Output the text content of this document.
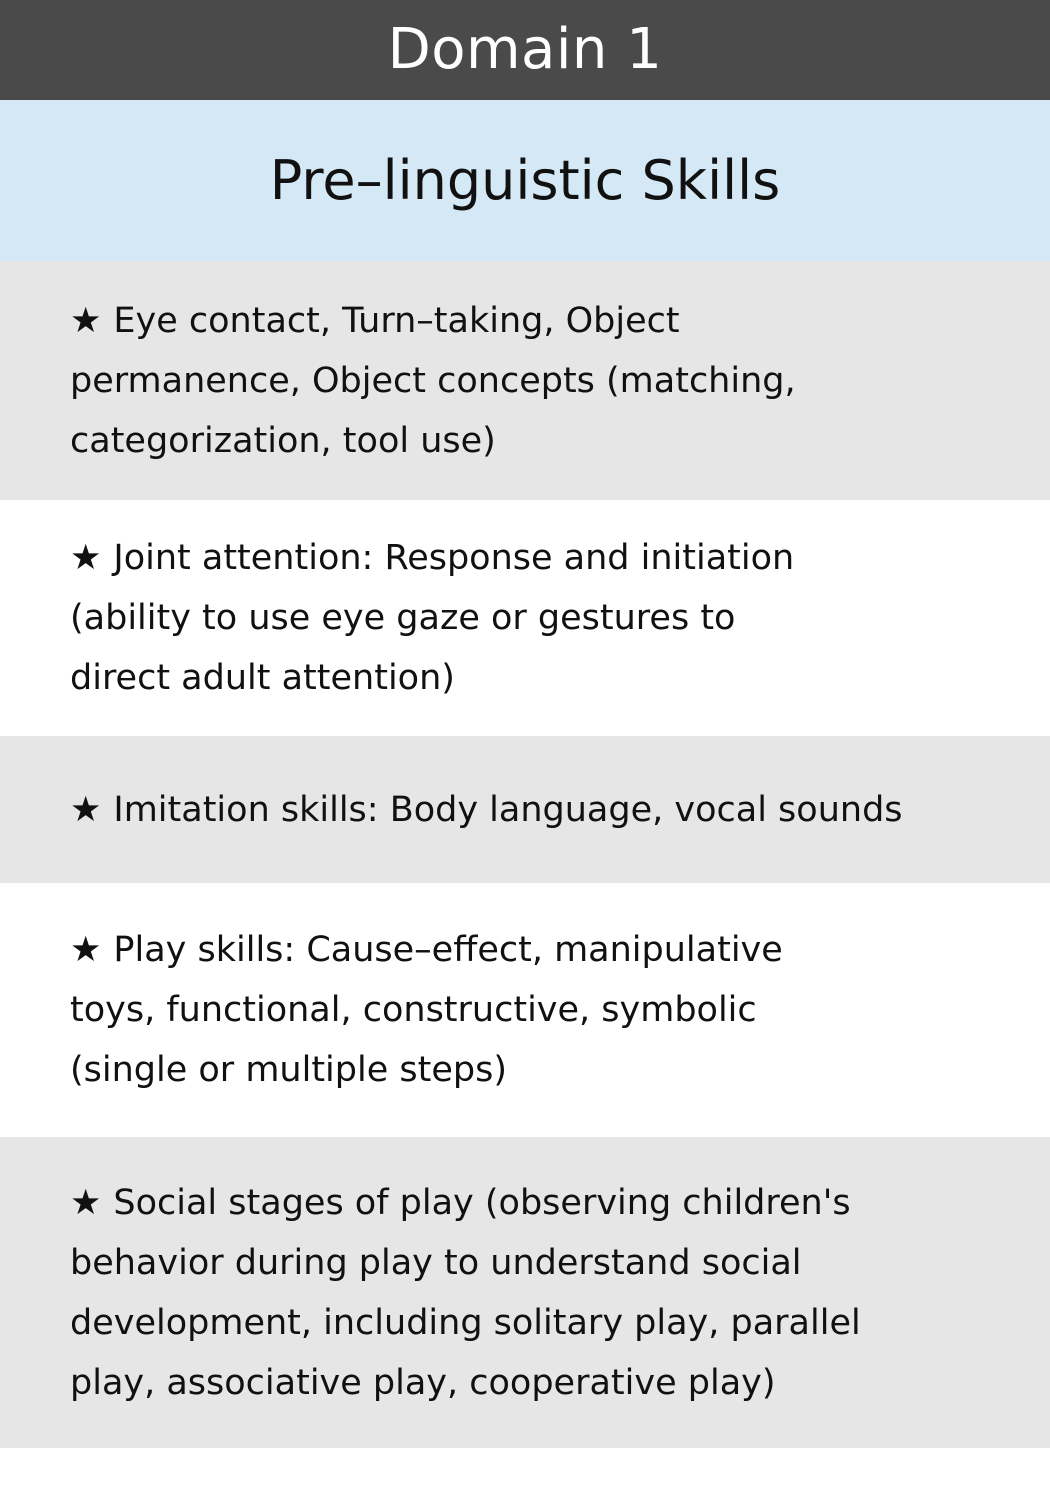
Domain 1
Pre–linguistic Skills

★ Eye contact, Turn–taking, Object
permanence, Object concepts (matching,
categorization, tool use)

★ Joint attention: Response and initiation
(ability to use eye gaze or gestures to
direct adult attention)

★ Imitation skills: Body language, vocal sounds

★ Play skills: Cause–effect, manipulative
toys, functional, constructive, symbolic
(single or multiple steps)

★ Social stages of play (observing children's
behavior during play to understand social
development, including solitary play, parallel
play, associative play, cooperative play)
